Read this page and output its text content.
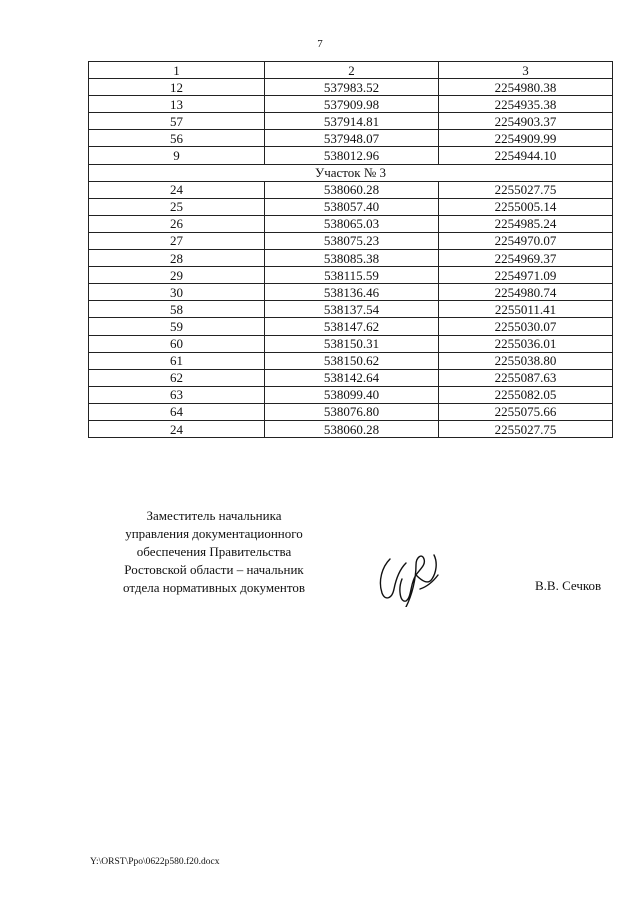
7
1	2	3
12	537983.52	2254980.38
13	537909.98	2254935.38
57	537914.81	2254903.37
56	537948.07	2254909.99
9	538012.96	2254944.10
Участок № 3		
24	538060.28	2255027.75
25	538057.40	2255005.14
26	538065.03	2254985.24
27	538075.23	2254970.07
28	538085.38	2254969.37
29	538115.59	2254971.09
30	538136.46	2254980.74
58	538137.54	2255011.41
59	538147.62	2255030.07
60	538150.31	2255036.01
61	538150.62	2255038.80
62	538142.64	2255087.63
63	538099.40	2255082.05
64	538076.80	2255075.66
24	538060.28	2255027.75
Заместитель начальника
управления документационного
обеспечения Правительства
Ростовской области – начальник
отдела нормативных документов	В.В. Сечков
Y:\ORST\Ppo\0622p580.f20.docx
